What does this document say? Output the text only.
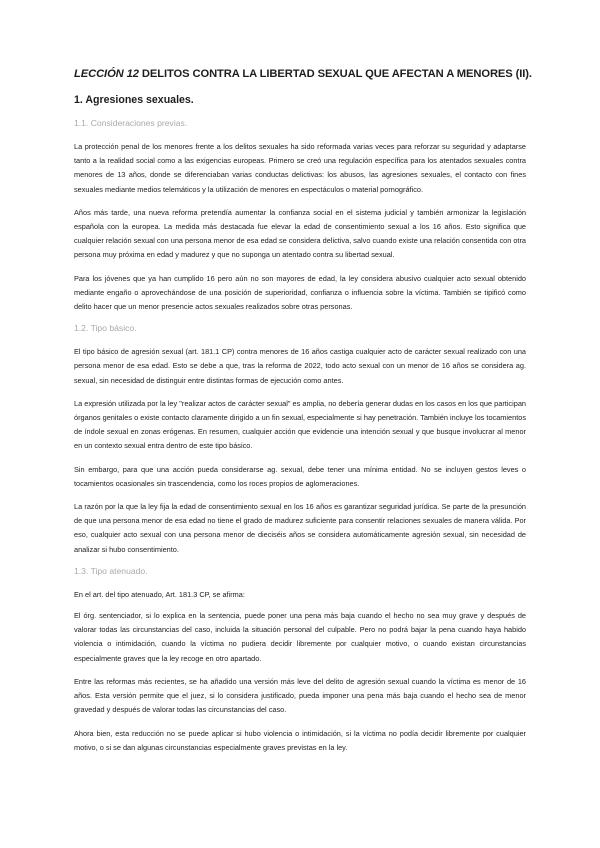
LECCIÓN 12 DELITOS CONTRA LA LIBERTAD SEXUAL QUE AFECTAN A MENORES (II).
1. Agresiones sexuales.
1.1. Consideraciones previas.

La protección penal de los menores frente a los delitos sexuales ha sido reformada varias veces para reforzar su seguridad y adaptarse tanto a la realidad social como a las exigencias europeas. Primero se creó una regulación específica para los atentados sexuales contra menores de 13 años, donde se diferenciaban varias conductas delictivas: los abusos, las agresiones sexuales, el contacto con fines sexuales mediante medios telemáticos y la utilización de menores en espectáculos o material pornográfico.

Años más tarde, una nueva reforma pretendía aumentar la confianza social en el sistema judicial y también armonizar la legislación española con la europea. La medida más destacada fue elevar la edad de consentimiento sexual a los 16 años. Esto significa que cualquier relación sexual con una persona menor de esa edad se considera delictiva, salvo cuando existe una relación consentida con otra persona muy próxima en edad y madurez y que no suponga un atentado contra su libertad sexual.

Para los jóvenes que ya han cumplido 16 pero aún no son mayores de edad, la ley considera abusivo cualquier acto sexual obtenido mediante engaño o aprovechándose de una posición de superioridad, confianza o influencia sobre la víctima. También se tipificó como delito hacer que un menor presencie actos sexuales realizados sobre otras personas.

1.2. Tipo básico.

El tipo básico de agresión sexual (art. 181.1 CP) contra menores de 16 años castiga cualquier acto de carácter sexual realizado con una persona menor de esa edad. Esto se debe a que, tras la reforma de 2022, todo acto sexual con un menor de 16 años se considera ag. sexual, sin necesidad de distinguir entre distintas formas de ejecución como antes.

La expresión utilizada por la ley "realizar actos de carácter sexual" es amplia, no debería generar dudas en los casos en los que participan órganos genitales o existe contacto claramente dirigido a un fin sexual, especialmente si hay penetración. También incluye los tocamientos de índole sexual en zonas erógenas. En resumen, cualquier acción que evidencie una intención sexual y que busque involucrar al menor en un contexto sexual entra dentro de este tipo básico.

Sin embargo, para que una acción pueda considerarse ag. sexual, debe tener una mínima entidad. No se incluyen gestos leves o tocamientos ocasionales sin trascendencia, como los roces propios de aglomeraciones.

La razón por la que la ley fija la edad de consentimiento sexual en los 16 años es garantizar seguridad jurídica. Se parte de la presunción de que una persona menor de esa edad no tiene el grado de madurez suficiente para consentir relaciones sexuales de manera válida. Por eso, cualquier acto sexual con una persona menor de dieciséis años se considera automáticamente agresión sexual, sin necesidad de analizar si hubo consentimiento.

1.3. Tipo atenuado.

En el art. del tipo atenuado, Art. 181.3 CP, se afirma:

El órg. sentenciador, si lo explica en la sentencia, puede poner una pena más baja cuando el hecho no sea muy grave y después de valorar todas las circunstancias del caso, incluida la situación personal del culpable. Pero no podrá bajar la pena cuando haya habido violencia o intimidación, cuando la víctima no pudiera decidir libremente por cualquier motivo, o cuando existan circunstancias especialmente graves que la ley recoge en otro apartado.

Entre las reformas más recientes, se ha añadido una versión más leve del delito de agresión sexual cuando la víctima es menor de 16 años. Esta versión permite que el juez, si lo considera justificado, pueda imponer una pena más baja cuando el hecho sea de menor gravedad y después de valorar todas las circunstancias del caso.

Ahora bien, esta reducción no se puede aplicar si hubo violencia o intimidación, si la víctima no podía decidir libremente por cualquier motivo, o si se dan algunas circunstancias especialmente graves previstas en la ley.
